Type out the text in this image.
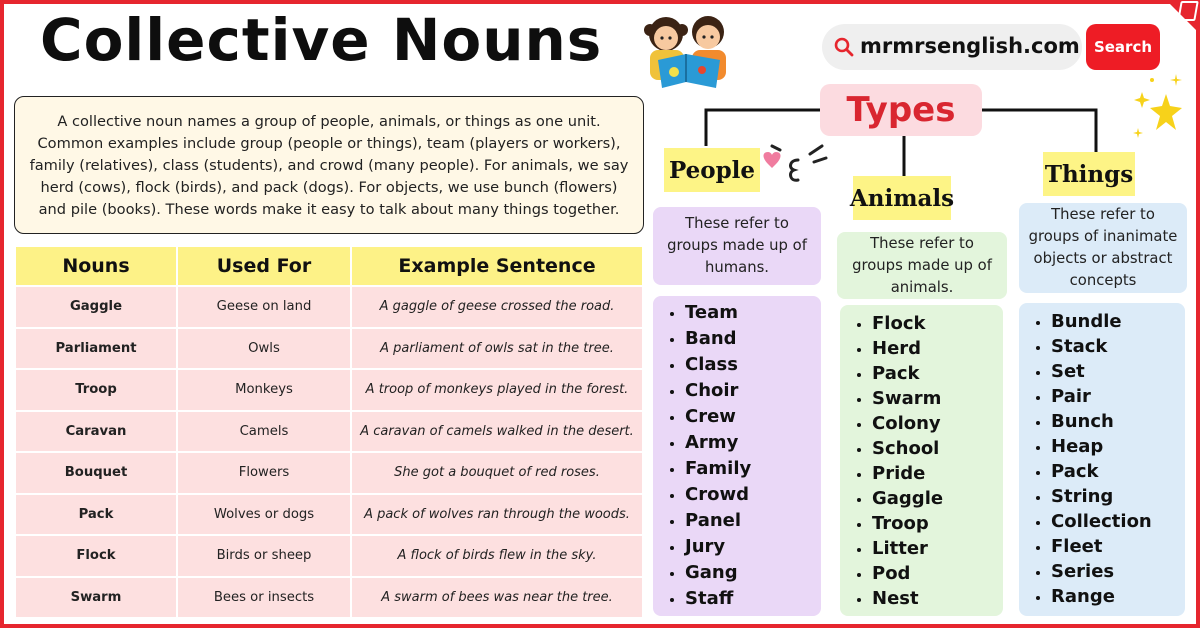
Collective Nouns	mrmrsenglish.com Search
A collective noun names a group of people, animals, or things as one unit. Common examples include group (people or things), team (players or workers), family (relatives), class (students), and crowd (many people). For animals, we say herd (cows), flock (birds), and pack (dogs). For objects, we use bunch (flowers) and pile (books). These words make it easy to talk about many things together.
Nouns	Used For	Example Sentence
Gaggle	Geese on land	A gaggle of geese crossed the road.
Parliament	Owls	A parliament of owls sat in the tree.
Troop	Monkeys	A troop of monkeys played in the forest.
Caravan	Camels	A caravan of camels walked in the desert.
Bouquet	Flowers	She got a bouquet of red roses.
Pack	Wolves or dogs	A pack of wolves ran through the woods.
Flock	Birds or sheep	A flock of birds flew in the sky.
Swarm	Bees or insects	A swarm of bees was near the tree.
Types
People
Animals
Things
These refer to groups made up of humans.
These refer to groups made up of animals.
These refer to groups of inanimate objects or abstract concepts
• Team
• Band
• Class
• Choir
• Crew
• Army
• Family
• Crowd
• Panel
• Jury
• Gang
• Staff
• Flock
• Herd
• Pack
• Swarm
• Colony
• School
• Pride
• Gaggle
• Troop
• Litter
• Pod
• Nest
• Bundle
• Stack
• Set
• Pair
• Bunch
• Heap
• Pack
• String
• Collection
• Fleet
• Series
• Range
